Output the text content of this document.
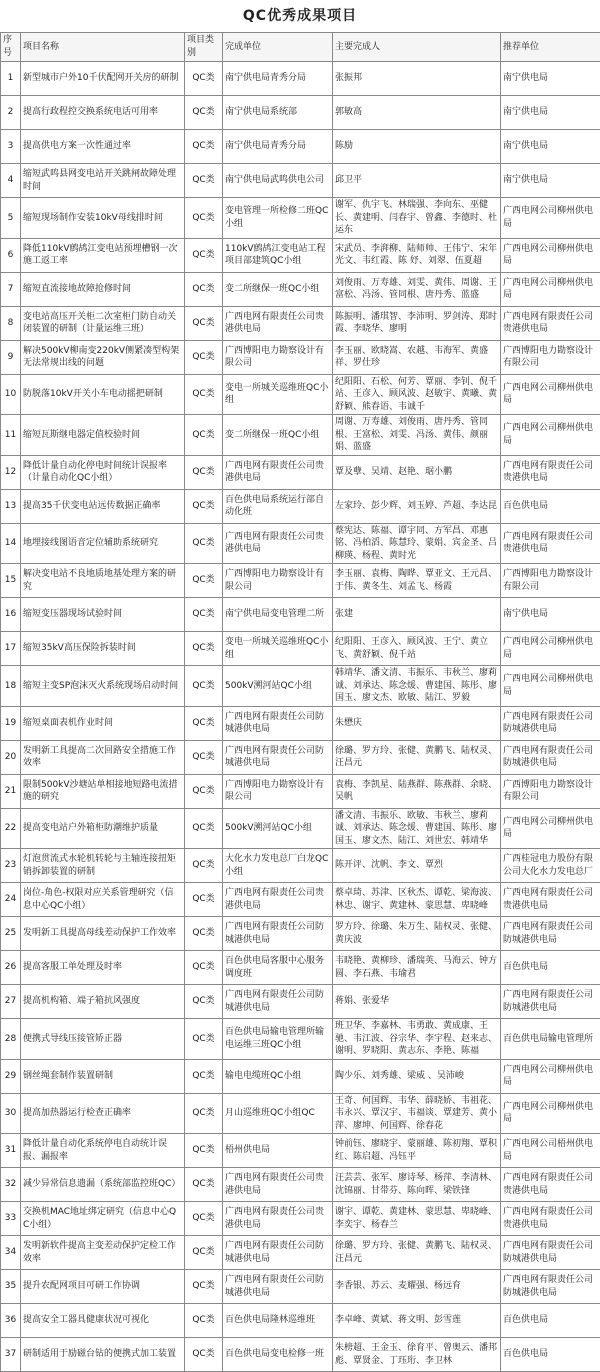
QC优秀成果项目
序号	项目名称	项目类别	完成单位	主要完成人	推荐单位
1	新型城市户外10千伏配网开关房的研制	QC类	南宁供电局青秀分局	张振邦	南宁供电局
2	提高行政程控交换系统电话可用率	QC类	南宁供电局系统部	郭敏高	南宁供电局
3	提高供电方案一次性通过率	QC类	南宁供电局青秀分局	陈励	南宁供电局
4	缩短武鸣县网变电站开关跳闸故障处理时间	QC类	南宁供电局武鸣供电公司	邱卫平	南宁供电局
5	缩短现场制作安装10kV母线排时间	QC类	变电管理一所检修二班QC小组	谢军、仇宇飞、林瑞强、李向东、巫健长、黄建明、闫春宇、曾鑫、李德时、杜运东	广西电网公司柳州供电局
6	降低110kV鹧鸪江变电站预埋槽钢一次施工返工率	QC类	110kV鹧鸪江变电站工程项目部建筑QC小组	宋武员、李湃柳、陆师帅、王伟宁、宋年光文、韦红霞、陈 妤、刘翠、伍夏超	广西电网公司柳州供电局
7	缩短直流接地故障抢修时间	QC类	变二所继保一班QC小组	刘俊雨、万寿雄、刘雯、黄伟、周谢、王富松、冯汤、管同根、唐丹秀、蓝盛	广西电网公司柳州供电局
8	变电站高压开关柜二次室柜门防自动关闭装置的研制（计量运维三班）	QC类	广西电网有限责任公司贵港供电局	陈振明、潘琪智、李沛明、罗剑涛、郑时霞、李晓华、廖明	广西电网有限责任公司贵港供电局
9	解决500kV柳南变220kV侧紧凑型构架无法常规出线的问题	QC类	广西博阳电力勘察设计有限公司	李玉丽、欧晓嵩、农越、韦海军、黄盛祥、罗仕珍	广西博阳电力勘察设计有限公司
10	防脱落10kV开关小车电动摇把研制	QC类	变电一所城关巡维班QC小组	纪阳阳、石松、何芳、覃丽、李钊、倪千站、王彦入、顾风波、赵敏宇、黄曦、黄舒颖、熊春语、韦诚千	广西电网公司柳州供电局
11	缩短瓦斯继电器定值校验时间	QC类	变二所继保一班QC小组	周谢、万寿雄、刘俊雨、唐丹秀、管同根、王富松、刘雯、冯汤、黄伟、颜丽娟、蓝盛	广西电网公司柳州供电局
12	降低计量自动化停电时间统计误报率（计量自动化QC小组）	QC类	广西电网有限责任公司贵港供电局	覃及孽、吴靖、赵艳、琚小鹏	广西电网有限责任公司贵港供电局
13	提高35千伏变电站远传数据正确率	QC类	百色供电局系统运行部自动化班	左家玲、彭少辉、刘玉婷、芦超、李达昆	百色供电局
14	地埋接线图语音定位辅助系统研究	QC类	广西电网有限责任公司贵港供电局	蔡宪达、陈福、谭宇同、方军昌、邓惠铭、冯柏滔、陈慧玲、蒙娟、宾金圣、吕柳瑛、杨程、黄时光	广西电网有限责任公司贵港供电局
15	解决变电站不良地质地基处理方案的研究	QC类	广西博阳电力勘察设计有限公司	李玉丽、袁梅、陶晔、覃亚文、王元昌、于伟、黄冬生、刘孟飞、杨霞	广西博阳电力勘察设计有限公司
16	缩短变压器现场试验时间	QC类	南宁供电局变电管理二所	张建	南宁供电局
17	缩短35kV高压保险拆装时间	QC类	变电一所城关巡维班QC小组	纪阳阳、王彦入、顾风波、王宁、黄立飞、黄舒颖、倪千站	广西电网公司柳州供电局
18	缩短主变SP泡沫灭火系统现场启动时间	QC类	500kV溯河站QC小组	韩靖华、潘文清、韦振乐、韦秋兰、廖莉诚、刘承达、陈念煖、曹建国、陈彤、廖国玉、廖文杰、欧敏、陆江、罗毅	广西电网公司柳州供电局
19	缩短桌面表机作业时间	QC类	广西电网有限责任公司防城港供电局	朱懋庆	广西电网有限责任公司防城港供电局
20	发明新工具提高二次回路安全措施工作效率	QC类	广西电网有限责任公司防城港供电局	徐璐、罗方玲、张健、黄鹏飞、陆权灵、汪昌元	广西电网有限责任公司防城港供电局
21	限制500kV沙塘站单相接地短路电流措施的研究	QC类	广西博阳电力勘察设计有限公司	袁梅、李凯星、陆燕群、陈燕群、余晓、吴帆	广西博阳电力勘察设计有限公司
22	提高变电站户外箱柜防潮维护质量	QC类	500kV溯河站QC小组	潘文清、韦振乐、欧敏、韦秋兰、廖莉诚、刘承达、陈念煖、曹建国、陈彤、廖国玉、廖文杰、陆江、刘世宏、韩靖华	广西电网公司柳州供电局
23	灯泡贯流式水轮机转轮与主轴连接扭矩销拆卸装置的研制	QC类	大化水力发电总厂白龙QC小组	陈开评、沈帆、李文、覃烈	广西桂冠电力股份有限公司大化水力发电总厂
24	岗位-角色-权限对应关系管理研究（信息中心QC小组）	QC类	广西电网有限责任公司贵港供电局	蔡卓琦、苏津、区秋杰、谭乾、梁海波、林忠、谢宇、黄建林、蒙思慧、卑晓峰	广西电网有限责任公司贵港供电局
25	发明新工具提高母线差动保护工作效率	QC类	广西电网有限责任公司防城港供电局	罗方玲、徐璐、朱万生、陆权灵、张健、黄庆波	广西电网有限责任公司防城港供电局
26	提高客服工单处理及时率	QC类	百色供电局客服中心服务调度班	韦晓艳、黄柳珍、潘瑞英、马海云、钟方圆、李石燕、韦瑜君	百色供电局
27	提高机构箱、端子箱抗风强度	QC类	广西电网有限责任公司防城港供电局	蒋娟、张爱华	广西电网有限责任公司防城港供电局
28	便携式导线压接管矫正器	QC类	百色供电局输电管理所输电运维三班QC小组	班卫华、李嘉林、韦勇敢、黄成康、王驰、韦江波、谷宗华、李宇程、赵来志、谢明、罗晓阳、黄志东、李艳、陈福	百色供电局输电管理所
29	钢丝绳套制作装置研制	QC类	输电电缆班QC小组	陶少乐、刘秀雄、梁威 、吴沛峻	广西电网公司柳州供电局
30	提高加热器运行检查正确率	QC类	月山巡维班QC小组QC	王奇、何国辉、韦华、薛晓娇、韦祖花、韦永兴、覃汉宇、韦福谈、覃建芳、黄小萍、廖坤、何国辉、徐春花	广西电网公司柳州供电局
31	降低计量自动化系统停电自动统计误报、漏报率	QC类	梧州供电局	钟前钰、廖晓宇、蒙丽雄、陈初翔、覃积红、陈启超、冯钰平	广西电网公司梧州供电局
32	减少异常信息遗漏（系统部监控班QC）	QC类	广西电网有限责任公司贵港供电局	汪芸芸、张军、廖诗琴、杨萍、李清林、沈锦丽、甘带芬、陈向晖、梁铁锋	广西电网有限责任公司贵港供电局
33	交换机MAC地址绑定研究（信息中心QC小组）	QC类	广西电网有限责任公司贵港供电局	谢宇、谭乾、黄建林、蒙思慧、卑晓峰、李奕宇、杨春兰	广西电网有限责任公司贵港供电局
34	发明新软件提高主变差动保护定检工作效率	QC类	广西电网有限责任公司防城港供电局	徐璐、罗方玲、张健、黄鹏飞、陆权灵、汪昌元	广西电网有限责任公司防城港供电局
35	提升农配网项目可研工作协调	QC类	广西电网有限责任公司防城港供电局	李香银、苏云、麦耀强、杨远育	广西电网有限责任公司防城港供电局
36	提高安全工器具健康状况可视化	QC类	百色供电局隆林巡维班	李卓峰、黄斌、蒋文明、彭雪莲	百色供电局
37	研制适用于励磁台钻的便携式加工装置	QC类	百色供电局变电检修一班	朱榜超、王金玉、徐育平、曾奥云、潘邦彪、覃贤金、丁珏珩、李卫林	百色供电局
